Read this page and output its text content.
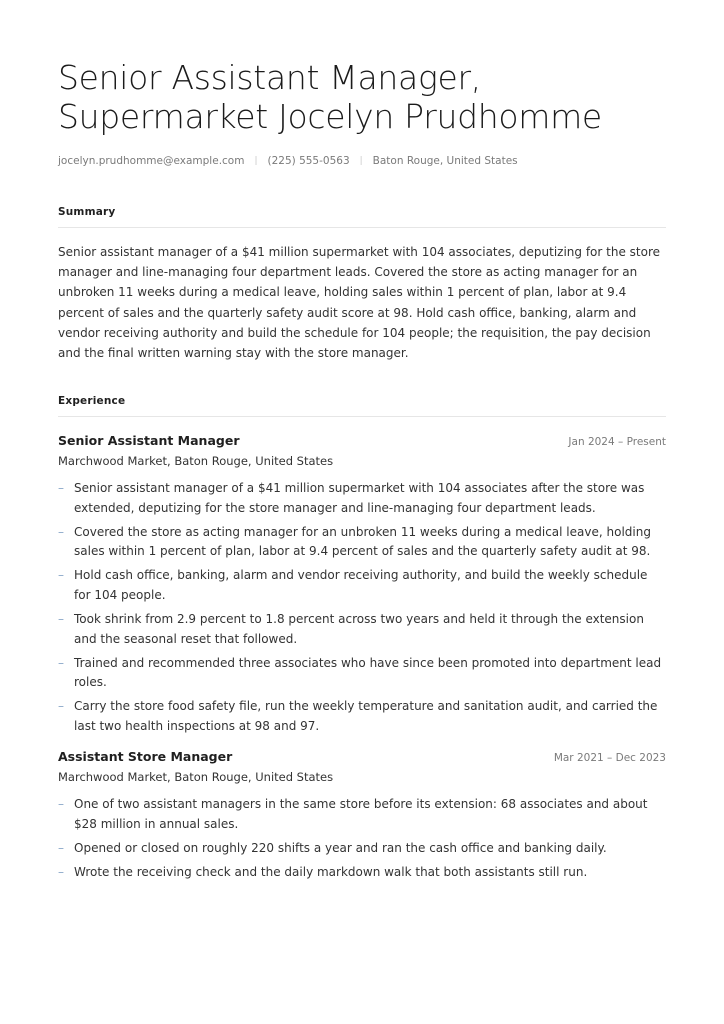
Senior Assistant Manager, Supermarket Jocelyn Prudhomme
jocelyn.prudhomme@example.com | (225) 555-0563 | Baton Rouge, United States
Summary

Senior assistant manager of a $41 million supermarket with 104 associates, deputizing for the store manager and line-managing four department leads. Covered the store as acting manager for an unbroken 11 weeks during a medical leave, holding sales within 1 percent of plan, labor at 9.4 percent of sales and the quarterly safety audit score at 98. Hold cash office, banking, alarm and vendor receiving authority and build the schedule for 104 people; the requisition, the pay decision and the final written warning stay with the store manager.

Experience
Senior Assistant Manager	Jan 2024 – Present
Marchwood Market, Baton Rouge, United States
– Senior assistant manager of a $41 million supermarket with 104 associates after the store was extended, deputizing for the store manager and line-managing four department leads.
– Covered the store as acting manager for an unbroken 11 weeks during a medical leave, holding sales within 1 percent of plan, labor at 9.4 percent of sales and the quarterly safety audit at 98.
– Hold cash office, banking, alarm and vendor receiving authority, and build the weekly schedule for 104 people.
– Took shrink from 2.9 percent to 1.8 percent across two years and held it through the extension and the seasonal reset that followed.
– Trained and recommended three associates who have since been promoted into department lead roles.
– Carry the store food safety file, run the weekly temperature and sanitation audit, and carried the last two health inspections at 98 and 97.
Assistant Store Manager	Mar 2021 – Dec 2023
Marchwood Market, Baton Rouge, United States
– One of two assistant managers in the same store before its extension: 68 associates and about $28 million in annual sales.
– Opened or closed on roughly 220 shifts a year and ran the cash office and banking daily.
– Wrote the receiving check and the daily markdown walk that both assistants still run.
